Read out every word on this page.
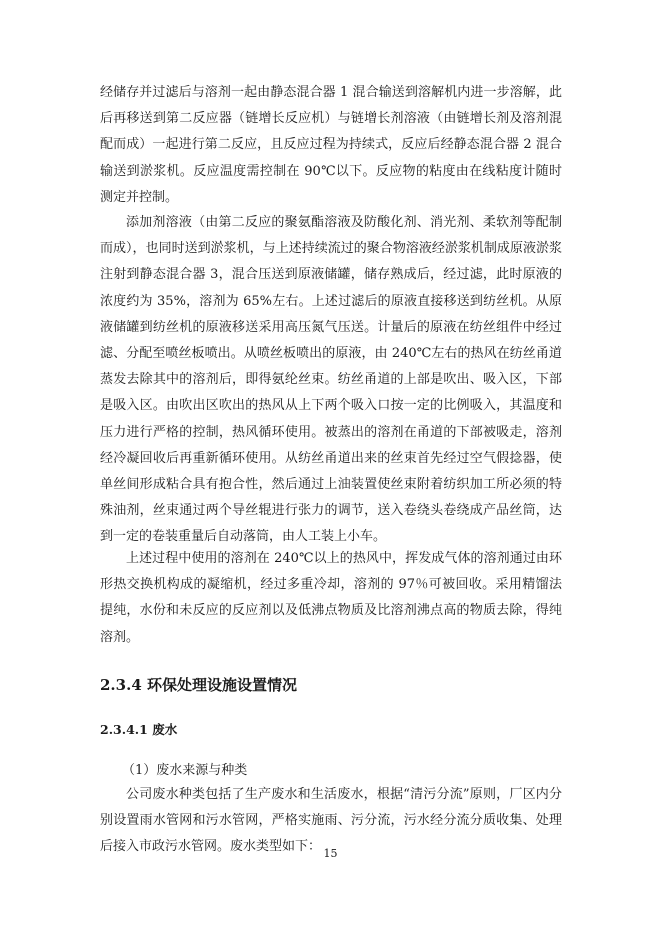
经储存并过滤后与溶剂一起由静态混合器 1 混合输送到溶解机内进一步溶解，此后再移送到第二反应器（链增长反应机）与链增长剂溶液（由链增长剂及溶剂混配而成）一起进行第二反应，且反应过程为持续式，反应后经静态混合器 2 混合输送到淤浆机。反应温度需控制在 90℃以下。反应物的粘度由在线粘度计随时测定并控制。

添加剂溶液（由第二反应的聚氨酯溶液及防酸化剂、消光剂、柔软剂等配制而成），也同时送到淤浆机，与上述持续流过的聚合物溶液经淤浆机制成原液淤浆注射到静态混合器 3，混合压送到原液储罐，储存熟成后，经过滤，此时原液的浓度约为 35%，溶剂为 65%左右。上述过滤后的原液直接移送到纺丝机。从原液储罐到纺丝机的原液移送采用高压氮气压送。计量后的原液在纺丝组件中经过滤、分配至喷丝板喷出。从喷丝板喷出的原液，由 240℃左右的热风在纺丝甬道蒸发去除其中的溶剂后，即得氨纶丝束。纺丝甬道的上部是吹出、吸入区，下部是吸入区。由吹出区吹出的热风从上下两个吸入口按一定的比例吸入，其温度和压力进行严格的控制，热风循环使用。被蒸出的溶剂在甬道的下部被吸走，溶剂经冷凝回收后再重新循环使用。从纺丝甬道出来的丝束首先经过空气假捻器，使单丝间形成粘合具有抱合性，然后通过上油装置使丝束附着纺织加工所必须的特殊油剂，丝束通过两个导丝辊进行张力的调节，送入卷绕头卷绕成产品丝筒，达到一定的卷装重量后自动落筒，由人工装上小车。

上述过程中使用的溶剂在 240℃以上的热风中，挥发成气体的溶剂通过由环形热交换机构成的凝缩机，经过多重冷却，溶剂的 97％可被回收。采用精馏法提纯，水份和未反应的反应剂以及低沸点物质及比溶剂沸点高的物质去除，得纯溶剂。

2.3.4 环保处理设施设置情况
2.3.4.1 废水

（1）废水来源与种类

公司废水种类包括了生产废水和生活废水，根据“清污分流”原则，厂区内分别设置雨水管网和污水管网，严格实施雨、污分流，污水经分流分质收集、处理后接入市政污水管网。废水类型如下： 15
